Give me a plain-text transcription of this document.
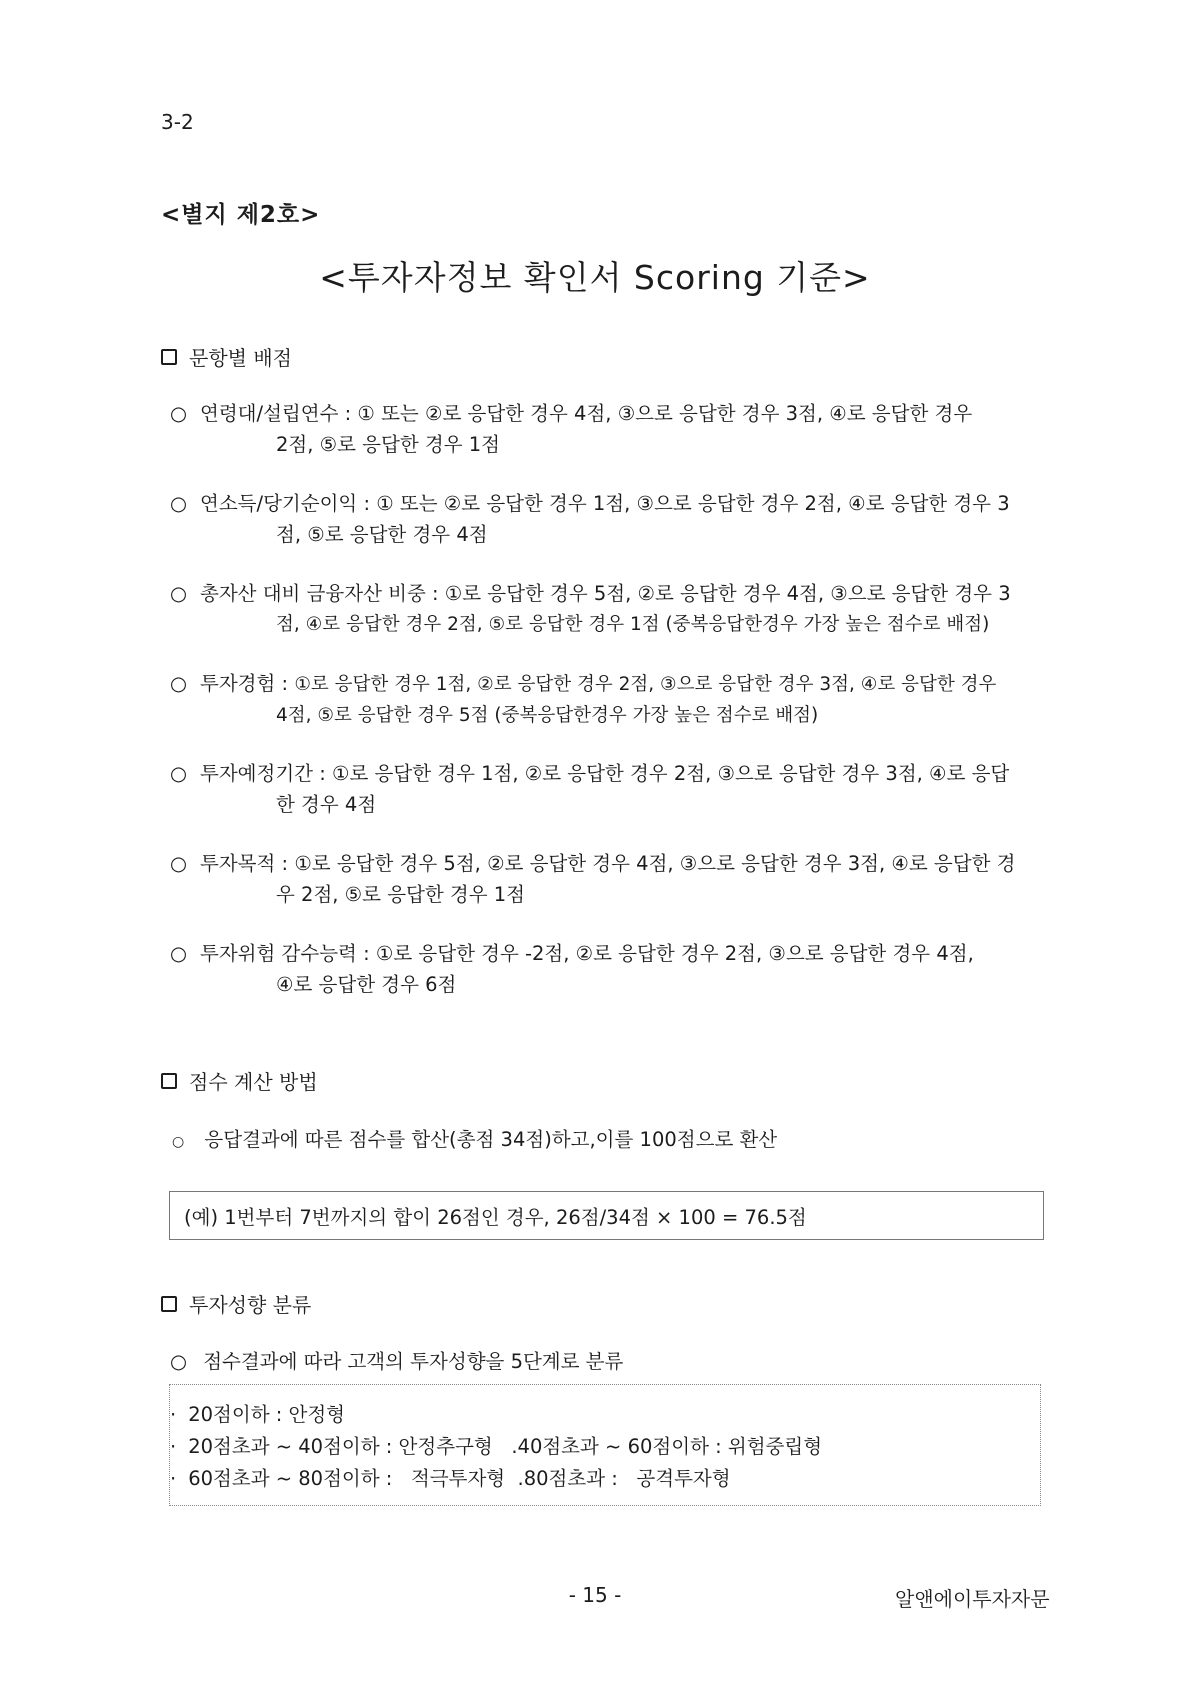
3-2
<별지 제2호>
<투자자정보 확인서 Scoring 기준>
문항별 배점
○ 연령대/설립연수 : ① 또는 ②로 응답한 경우 4점, ③으로 응답한 경우 3점, ④로 응답한 경우
2점, ⑤로 응답한 경우 1점
○ 연소득/당기순이익 : ① 또는 ②로 응답한 경우 1점, ③으로 응답한 경우 2점, ④로 응답한 경우 3
점, ⑤로 응답한 경우 4점
○ 총자산 대비 금융자산 비중 : ①로 응답한 경우 5점, ②로 응답한 경우 4점, ③으로 응답한 경우 3
점, ④로 응답한 경우 2점, ⑤로 응답한 경우 1점 (중복응답한경우 가장 높은 점수로 배점)
○ 투자경험 : ①로 응답한 경우 1점, ②로 응답한 경우 2점, ③으로 응답한 경우 3점, ④로 응답한 경우
4점, ⑤로 응답한 경우 5점 (중복응답한경우 가장 높은 점수로 배점)
○ 투자예정기간 : ①로 응답한 경우 1점, ②로 응답한 경우 2점, ③으로 응답한 경우 3점, ④로 응답
한 경우 4점
○ 투자목적 : ①로 응답한 경우 5점, ②로 응답한 경우 4점, ③으로 응답한 경우 3점, ④로 응답한 경
우 2점, ⑤로 응답한 경우 1점
○ 투자위험 감수능력 : ①로 응답한 경우 -2점, ②로 응답한 경우 2점, ③으로 응답한 경우 4점,
④로 응답한 경우 6점
점수 계산 방법
○ 응답결과에 따른 점수를 합산(총점 34점)하고,이를 100점으로 환산
(예) 1번부터 7번까지의 합이 26점인 경우, 26점/34점 × 100 = 76.5점
투자성향 분류
○ 점수결과에 따라 고객의 투자성향을 5단계로 분류
· 20점이하 : 안정형
· 20점초과 ~ 40점이하 : 안정추구형   .40점초과 ~ 60점이하 : 위험중립형
· 60점초과 ~ 80점이하 :   적극투자형  .80점초과 :   공격투자형
- 15 -	알앤에이투자자문
